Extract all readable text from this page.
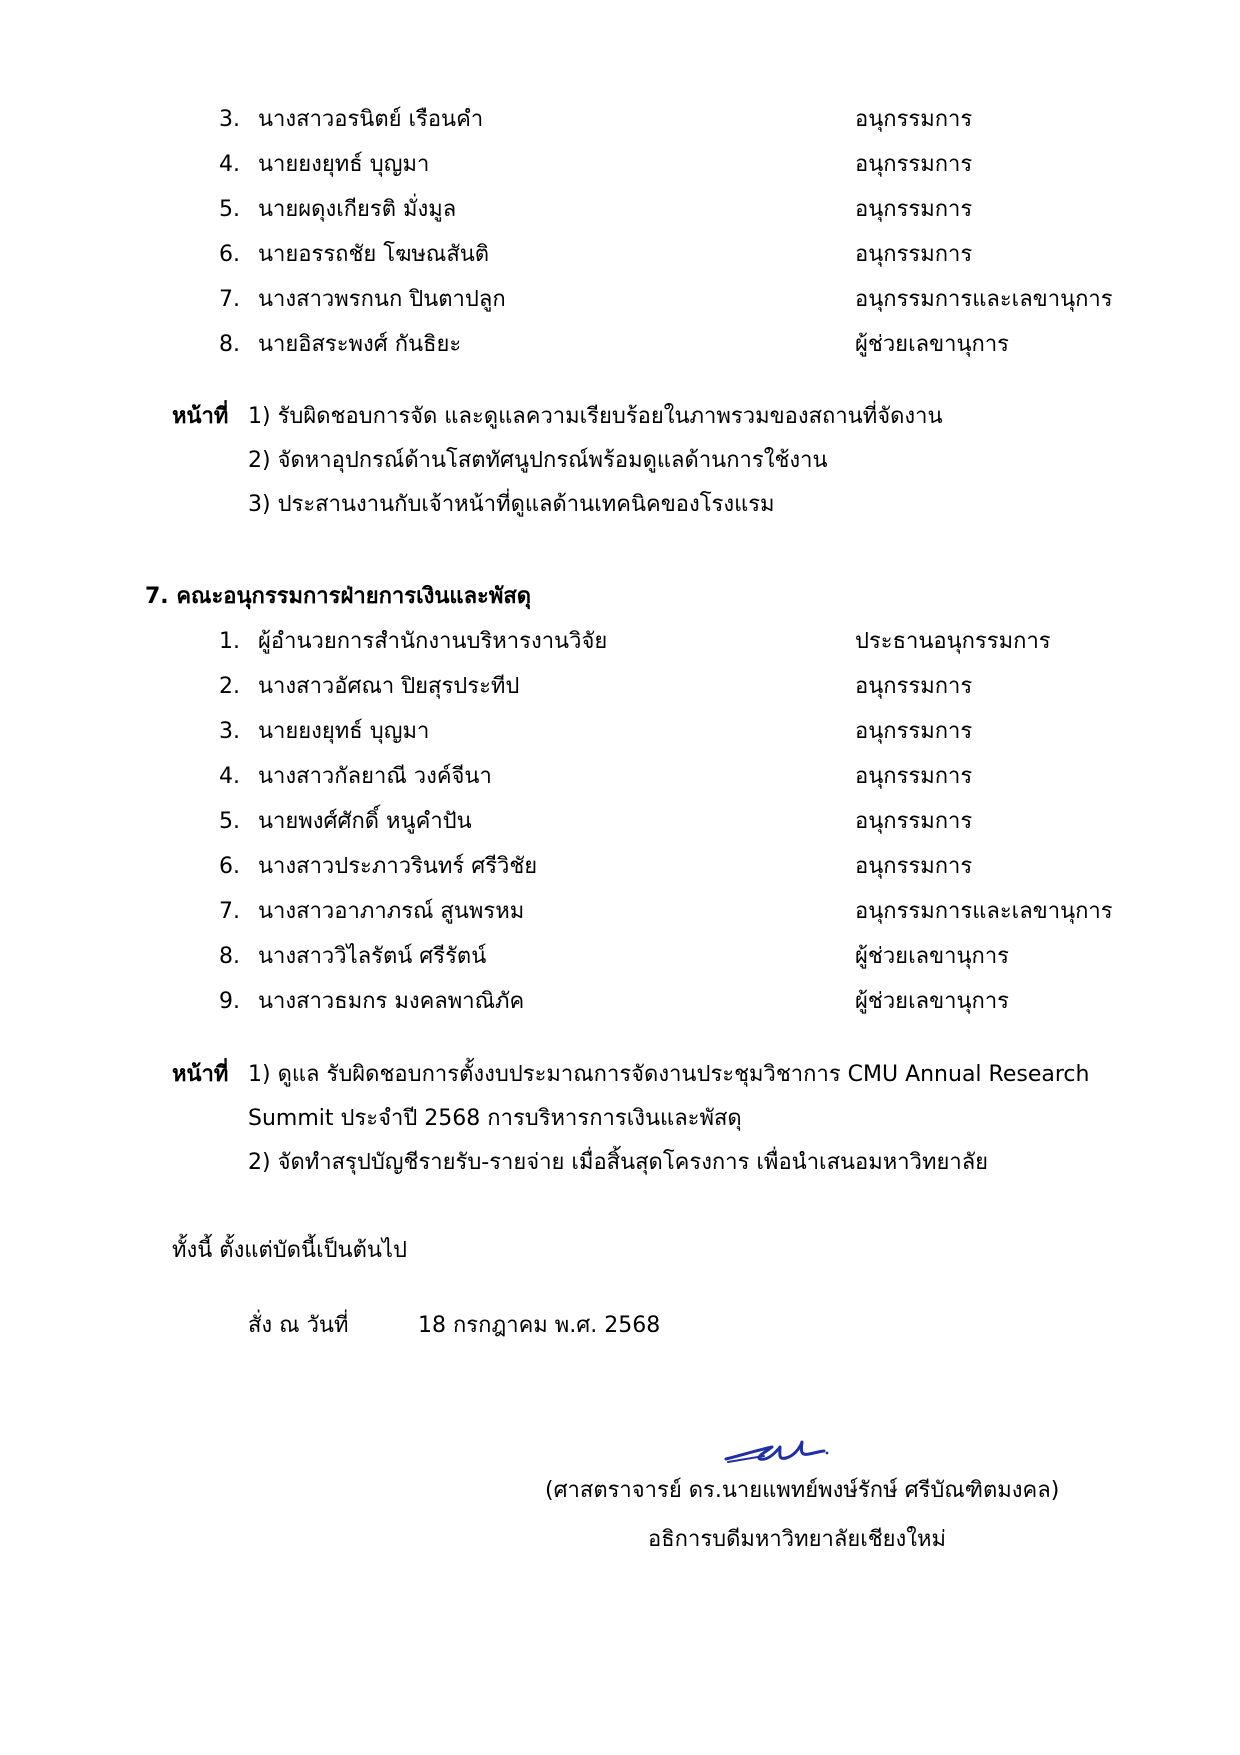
3. นางสาวอรนิตย์ เรือนคำ	อนุกรรมการ
4. นายยงยุทธ์ บุญมา	อนุกรรมการ
5. นายผดุงเกียรติ มั่งมูล	อนุกรรมการ
6. นายอรรถชัย โฆษณสันติ	อนุกรรมการ
7. นางสาวพรกนก ปินตาปลูก	อนุกรรมการและเลขานุการ
8. นายอิสระพงศ์ กันธิยะ	ผู้ช่วยเลขานุการ
หน้าที่ 1) รับผิดชอบการจัด และดูแลความเรียบร้อยในภาพรวมของสถานที่จัดงาน
2) จัดหาอุปกรณ์ด้านโสตทัศนูปกรณ์พร้อมดูแลด้านการใช้งาน
3) ประสานงานกับเจ้าหน้าที่ดูแลด้านเทคนิคของโรงแรม
7. คณะอนุกรรมการฝ่ายการเงินและพัสดุ
1. ผู้อำนวยการสำนักงานบริหารงานวิจัย	ประธานอนุกรรมการ
2. นางสาวอัศณา ปิยสุรประทีป	อนุกรรมการ
3. นายยงยุทธ์ บุญมา	อนุกรรมการ
4. นางสาวกัลยาณี วงค์จีนา	อนุกรรมการ
5. นายพงศ์ศักดิ์ หนูคำปัน	อนุกรรมการ
6. นางสาวประภาวรินทร์ ศรีวิชัย	อนุกรรมการ
7. นางสาวอาภาภรณ์ สูนพรหม	อนุกรรมการและเลขานุการ
8. นางสาววิไลรัตน์ ศรีรัตน์	ผู้ช่วยเลขานุการ
9. นางสาวธมกร มงคลพาณิภัค	ผู้ช่วยเลขานุการ
หน้าที่ 1) ดูแล รับผิดชอบการตั้งงบประมาณการจัดงานประชุมวิชาการ CMU Annual Research
Summit ประจำปี 2568 การบริหารการเงินและพัสดุ
2) จัดทำสรุปบัญชีรายรับ-รายจ่าย เมื่อสิ้นสุดโครงการ เพื่อนำเสนอมหาวิทยาลัย
ทั้งนี้ ตั้งแต่บัดนี้เป็นต้นไป
สั่ง ณ วันที่	18 กรกฎาคม พ.ศ. 2568
(ศาสตราจารย์ ดร.นายแพทย์พงษ์รักษ์ ศรีบัณฑิตมงคล)
อธิการบดีมหาวิทยาลัยเชียงใหม่
